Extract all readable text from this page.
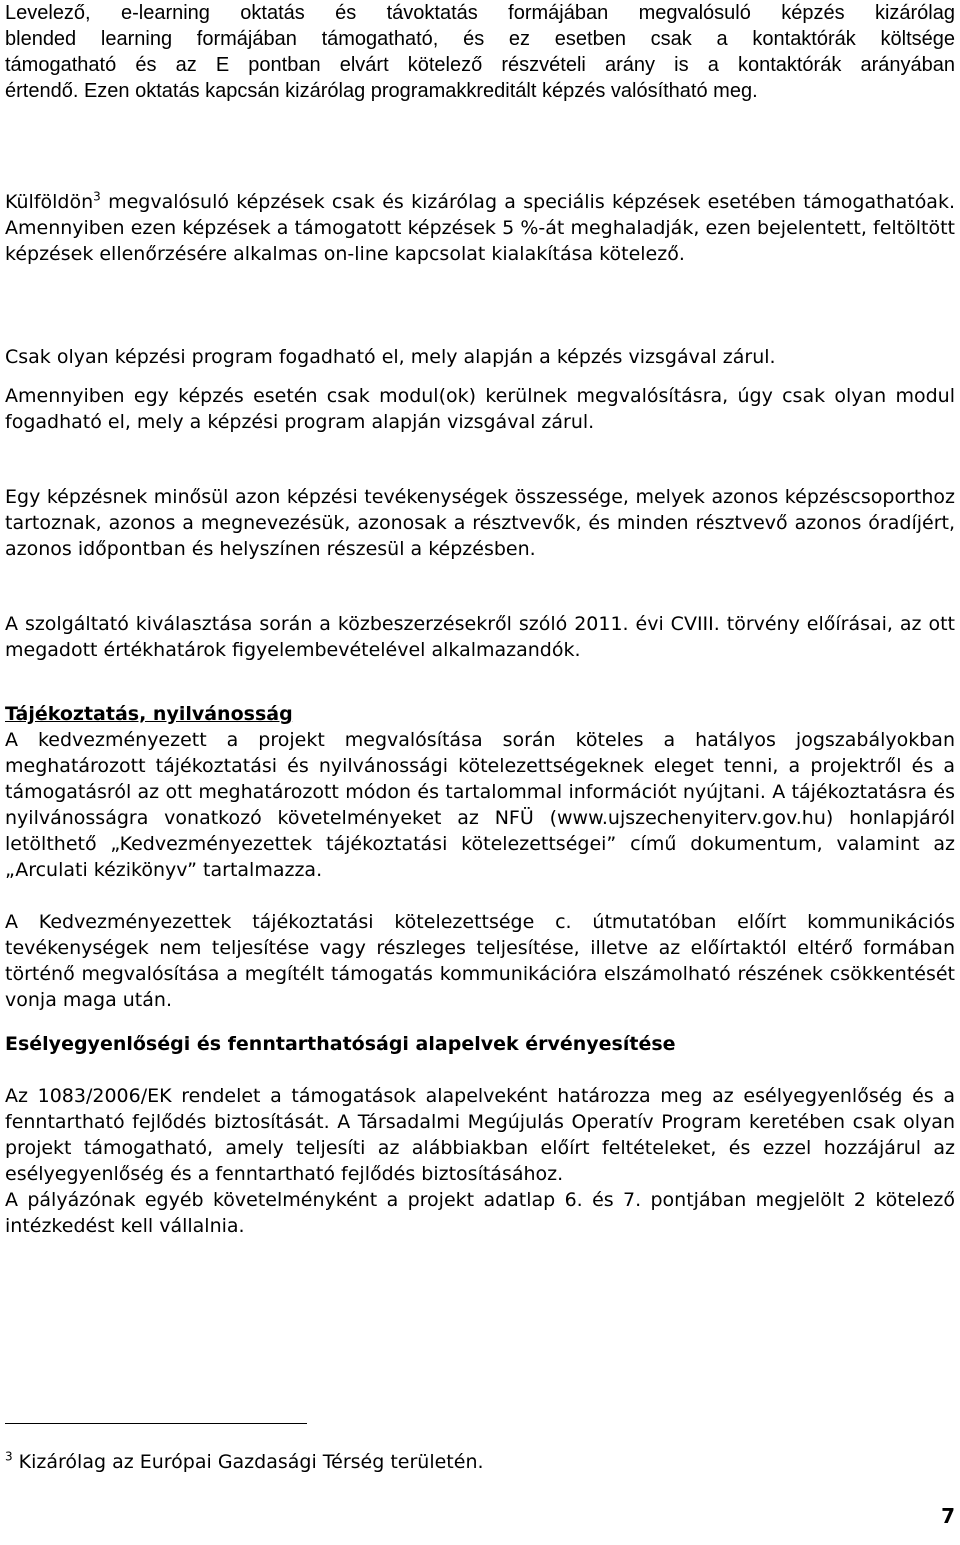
Levelező, e-learning oktatás és távoktatás formájában megvalósuló képzés kizárólag

blended learning formájában támogatható, és ez esetben csak a kontaktórák költsége

támogatható és az E pontban elvárt kötelező részvételi arány is a kontaktórák arányában

értendő. Ezen oktatás kapcsán kizárólag programakkreditált képzés valósítható meg.

Külföldön$^3$ megvalósuló képzések csak és kizárólag a speciális képzések esetében támogathatóak. Amennyiben ezen képzések a támogatott képzések 5 %-át meghaladják, ezen bejelentett, feltöltött képzések ellenőrzésére alkalmas on-line kapcsolat kialakítása kötelező.

Csak olyan képzési program fogadható el, mely alapján a képzés vizsgával zárul.

Amennyiben egy képzés esetén csak modul(ok) kerülnek megvalósításra, úgy csak olyan modul fogadható el, mely a képzési program alapján vizsgával zárul.

Egy képzésnek minősül azon képzési tevékenységek összessége, melyek azonos képzéscsoporthoz tartoznak, azonos a megnevezésük, azonosak a résztvevők, és minden résztvevő azonos óradíjért, azonos időpontban és helyszínen részesül a képzésben.

A szolgáltató kiválasztása során a közbeszerzésekről szóló 2011. évi CVIII. törvény előírásai, az ott megadott értékhatárok figyelembevételével alkalmazandók.

Tájékoztatás, nyilvánosság

A kedvezményezett a projekt megvalósítása során köteles a hatályos jogszabályokban meghatározott tájékoztatási és nyilvánossági kötelezettségeknek eleget tenni, a projektről és a támogatásról az ott meghatározott módon és tartalommal információt nyújtani. A tájékoztatásra és nyilvánosságra vonatkozó követelményeket az NFÜ (www.ujszechenyiterv.gov.hu) honlapjáról letölthető „Kedvezményezettek tájékoztatási kötelezettségei” című dokumentum, valamint az „Arculati kézikönyv” tartalmazza.

A Kedvezményezettek tájékoztatási kötelezettsége c. útmutatóban előírt kommunikációs tevékenységek nem teljesítése vagy részleges teljesítése, illetve az előírtaktól eltérő formában történő megvalósítása a megítélt támogatás kommunikációra elszámolható részének csökkentését vonja maga után.

Esélyegyenlőségi és fenntarthatósági alapelvek érvényesítése

Az 1083/2006/EK rendelet a támogatások alapelveként határozza meg az esélyegyenlőség és a fenntartható fejlődés biztosítását. A Társadalmi Megújulás Operatív Program keretében csak olyan projekt támogatható, amely teljesíti az alábbiakban előírt feltételeket, és ezzel hozzájárul az esélyegyenlőség és a fenntartható fejlődés biztosításához.

A pályázónak egyéb követelményként a projekt adatlap 6. és 7. pontjában megjelölt 2 kötelező intézkedést kell vállalnia.

$^3$ Kizárólag az Európai Gazdasági Térség területén.
7
